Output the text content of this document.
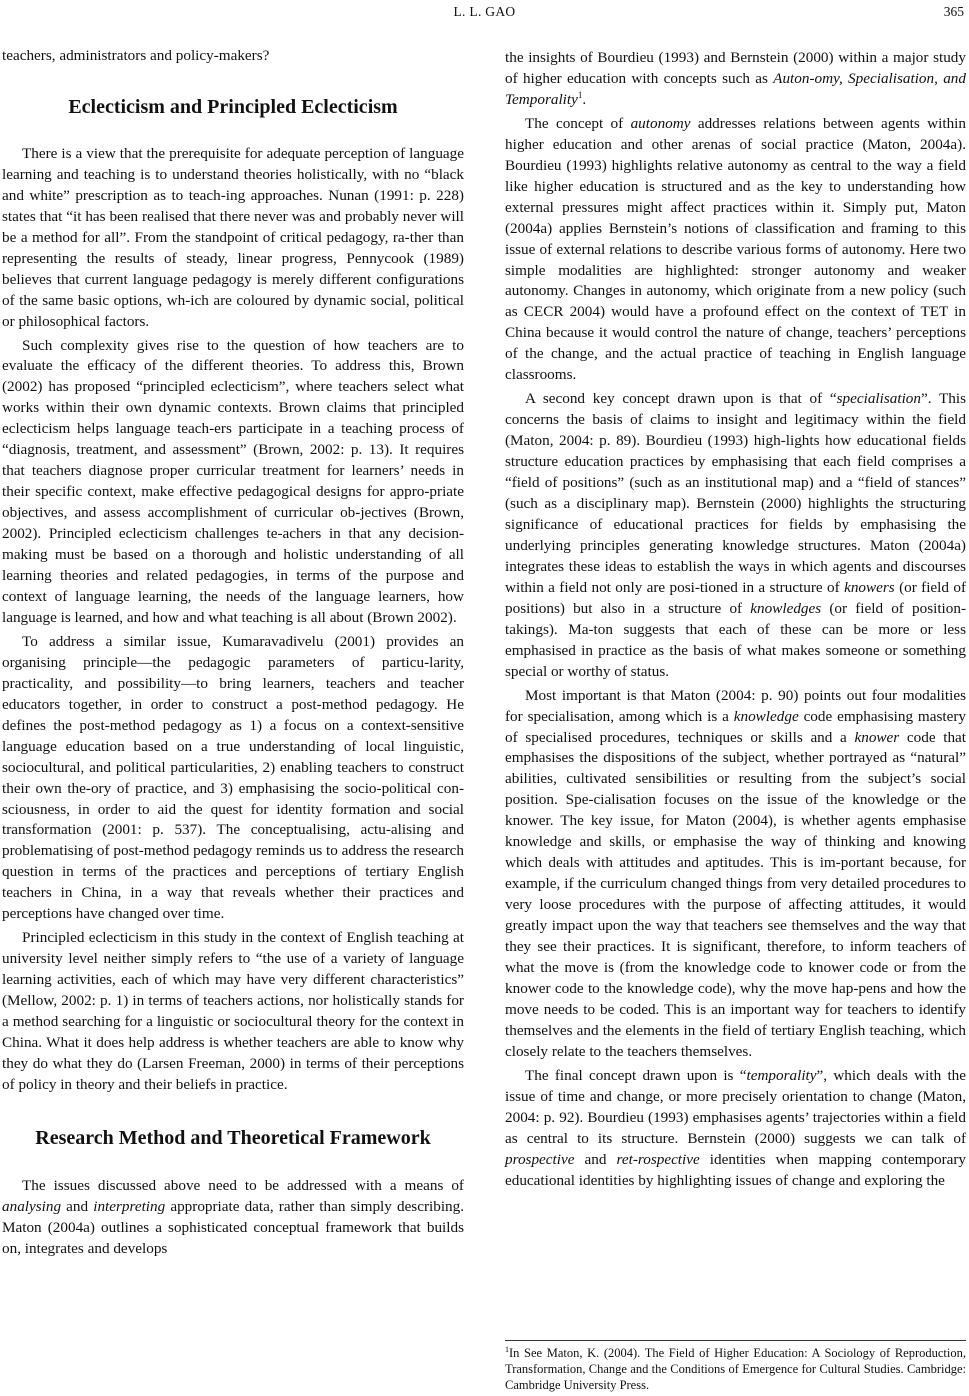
L. L. GAO	365

teachers, administrators and policy-makers?

Eclecticism and Principled Eclecticism

There is a view that the prerequisite for adequate perception of language learning and teaching is to understand theories holistically, with no “black and white” prescription as to teach-ing approaches. Nunan (1991: p. 228) states that “it has been realised that there never was and probably never will be a method for all”. From the standpoint of critical pedagogy, ra-ther than representing the results of steady, linear progress, Pennycook (1989) believes that current language pedagogy is merely different configurations of the same basic options, wh-ich are coloured by dynamic social, political or philosophical factors.

Such complexity gives rise to the question of how teachers are to evaluate the efficacy of the different theories. To address this, Brown (2002) has proposed “principled eclecticism”, where teachers select what works within their own dynamic contexts. Brown claims that principled eclecticism helps language teach-ers participate in a teaching process of “diagnosis, treatment, and assessment” (Brown, 2002: p. 13). It requires that teachers diagnose proper curricular treatment for learners’ needs in their specific context, make effective pedagogical designs for appro-priate objectives, and assess accomplishment of curricular ob-jectives (Brown, 2002). Principled eclecticism challenges te-achers in that any decision-making must be based on a thorough and holistic understanding of all learning theories and related pedagogies, in terms of the purpose and context of language learning, the needs of the language learners, how language is learned, and how and what teaching is all about (Brown 2002).

To address a similar issue, Kumaravadivelu (2001) provides an organising principle—the pedagogic parameters of particu-larity, practicality, and possibility—to bring learners, teachers and teacher educators together, in order to construct a post-method pedagogy. He defines the post-method pedagogy as 1) a focus on a context-sensitive language education based on a true understanding of local linguistic, sociocultural, and political particularities, 2) enabling teachers to construct their own the-ory of practice, and 3) emphasising the socio-political con-sciousness, in order to aid the quest for identity formation and social transformation (2001: p. 537). The conceptualising, actu-alising and problematising of post-method pedagogy reminds us to address the research question in terms of the practices and perceptions of tertiary English teachers in China, in a way that reveals whether their practices and perceptions have changed over time.

Principled eclecticism in this study in the context of English teaching at university level neither simply refers to “the use of a variety of language learning activities, each of which may have very different characteristics” (Mellow, 2002: p. 1) in terms of teachers actions, nor holistically stands for a method searching for a linguistic or sociocultural theory for the context in China. What it does help address is whether teachers are able to know why they do what they do (Larsen Freeman, 2000) in terms of their perceptions of policy in theory and their beliefs in practice.

Research Method and Theoretical Framework

The issues discussed above need to be addressed with a means of analysing and interpreting appropriate data, rather than simply describing. Maton (2004a) outlines a sophisticated conceptual framework that builds on, integrates and develops

the insights of Bourdieu (1993) and Bernstein (2000) within a major study of higher education with concepts such as Auton-omy, Specialisation, and Temporality$^1$.

The concept of autonomy addresses relations between agents within higher education and other arenas of social practice (Maton, 2004a). Bourdieu (1993) highlights relative autonomy as central to the way a field like higher education is structured and as the key to understanding how external pressures might affect practices within it. Simply put, Maton (2004a) applies Bernstein’s notions of classification and framing to this issue of external relations to describe various forms of autonomy. Here two simple modalities are highlighted: stronger autonomy and weaker autonomy. Changes in autonomy, which originate from a new policy (such as CECR 2004) would have a profound effect on the context of TET in China because it would control the nature of change, teachers’ perceptions of the change, and the actual practice of teaching in English language classrooms.

A second key concept drawn upon is that of “specialisation”. This concerns the basis of claims to insight and legitimacy within the field (Maton, 2004: p. 89). Bourdieu (1993) high-lights how educational fields structure education practices by emphasising that each field comprises a “field of positions” (such as an institutional map) and a “field of stances” (such as a disciplinary map). Bernstein (2000) highlights the structuring significance of educational practices for fields by emphasising the underlying principles generating knowledge structures. Maton (2004a) integrates these ideas to establish the ways in which agents and discourses within a field not only are posi-tioned in a structure of knowers (or field of positions) but also in a structure of knowledges (or field of position-takings). Ma-ton suggests that each of these can be more or less emphasised in practice as the basis of what makes someone or something special or worthy of status.

Most important is that Maton (2004: p. 90) points out four modalities for specialisation, among which is a knowledge code emphasising mastery of specialised procedures, techniques or skills and a knower code that emphasises the dispositions of the subject, whether portrayed as “natural” abilities, cultivated sensibilities or resulting from the subject’s social position. Spe-cialisation focuses on the issue of the knowledge or the knower. The key issue, for Maton (2004), is whether agents emphasise knowledge and skills, or emphasise the way of thinking and knowing which deals with attitudes and aptitudes. This is im-portant because, for example, if the curriculum changed things from very detailed procedures to very loose procedures with the purpose of affecting attitudes, it would greatly impact upon the way that teachers see themselves and the way that they see their practices. It is significant, therefore, to inform teachers of what the move is (from the knowledge code to knower code or from the knower code to the knowledge code), why the move hap-pens and how the move needs to be coded. This is an important way for teachers to identify themselves and the elements in the field of tertiary English teaching, which closely relate to the teachers themselves.

The final concept drawn upon is “temporality”, which deals with the issue of time and change, or more precisely orientation to change (Maton, 2004: p. 92). Bourdieu (1993) emphasises agents’ trajectories within a field as central to its structure. Bernstein (2000) suggests we can talk of prospective and ret-rospective identities when mapping contemporary educational identities by highlighting issues of change and exploring the

$^1$In See Maton, K. (2004). The Field of Higher Education: A Sociology of Reproduction, Transformation, Change and the Conditions of Emergence for Cultural Studies. Cambridge: Cambridge University Press.
